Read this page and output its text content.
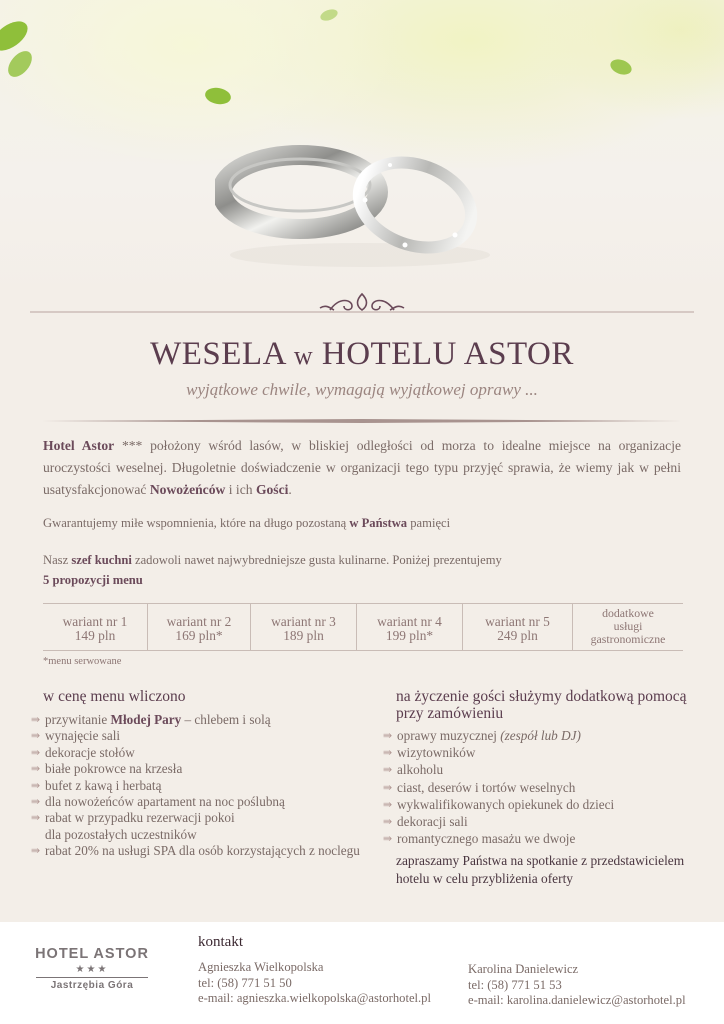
WESELA w HOTELU ASTOR
wyjątkowe chwile, wymagają wyjątkowej oprawy ...

Hotel Astor *** położony wśród lasów, w bliskiej odległości od morza to idealne miejsce na organizacje uroczystości weselnej. Długoletnie doświadczenie w organizacji tego typu przyjęć sprawia, że wiemy jak w pełni usatysfakcjonować Nowożeńców i ich Gości.

Gwarantujemy miłe wspomnienia, które na długo pozostaną w Państwa pamięci

Nasz szef kuchni zadowoli nawet najwybredniejsze gusta kulinarne. Poniżej prezentujemy
5 propozycji menu

wariant nr 1
149 pln
wariant nr 2
169 pln*
wariant nr 3
189 pln
wariant nr 4
199 pln*
wariant nr 5
249 pln
dodatkowe
usługi
gastronomiczne
*menu serwowane
w cenę menu wliczono
⇛ przywitanie Młodej Pary – chlebem i solą
⇛ wynajęcie sali
⇛ dekoracje stołów
⇛ białe pokrowce na krzesła
⇛ bufet z kawą i herbatą
⇛ dla nowożeńców apartament na noc poślubną
⇛ rabat w przypadku rezerwacji pokoi
dla pozostałych uczestników
⇛ rabat 20% na usługi SPA dla osób korzystających z noclegu
na życzenie gości służymy dodatkową pomocą
przy zamówieniu
⇛ oprawy muzycznej (zespół lub DJ)
⇛ wizytowników
⇛ alkoholu
⇛ ciast, deserów i tortów weselnych
⇛ wykwalifikowanych opiekunek do dzieci
⇛ dekoracji sali
⇛ romantycznego masażu we dwoje
zapraszamy Państwa na spotkanie z przedstawicielem
hotelu w celu przybliżenia oferty
HOTEL ASTOR
★★★
Jastrzębia Góra
kontakt
Agnieszka Wielkopolska
tel: (58) 771 51 50
e-mail: agnieszka.wielkopolska@astorhotel.pl
Karolina Danielewicz
tel: (58) 771 51 53
e-mail: karolina.danielewicz@astorhotel.pl
